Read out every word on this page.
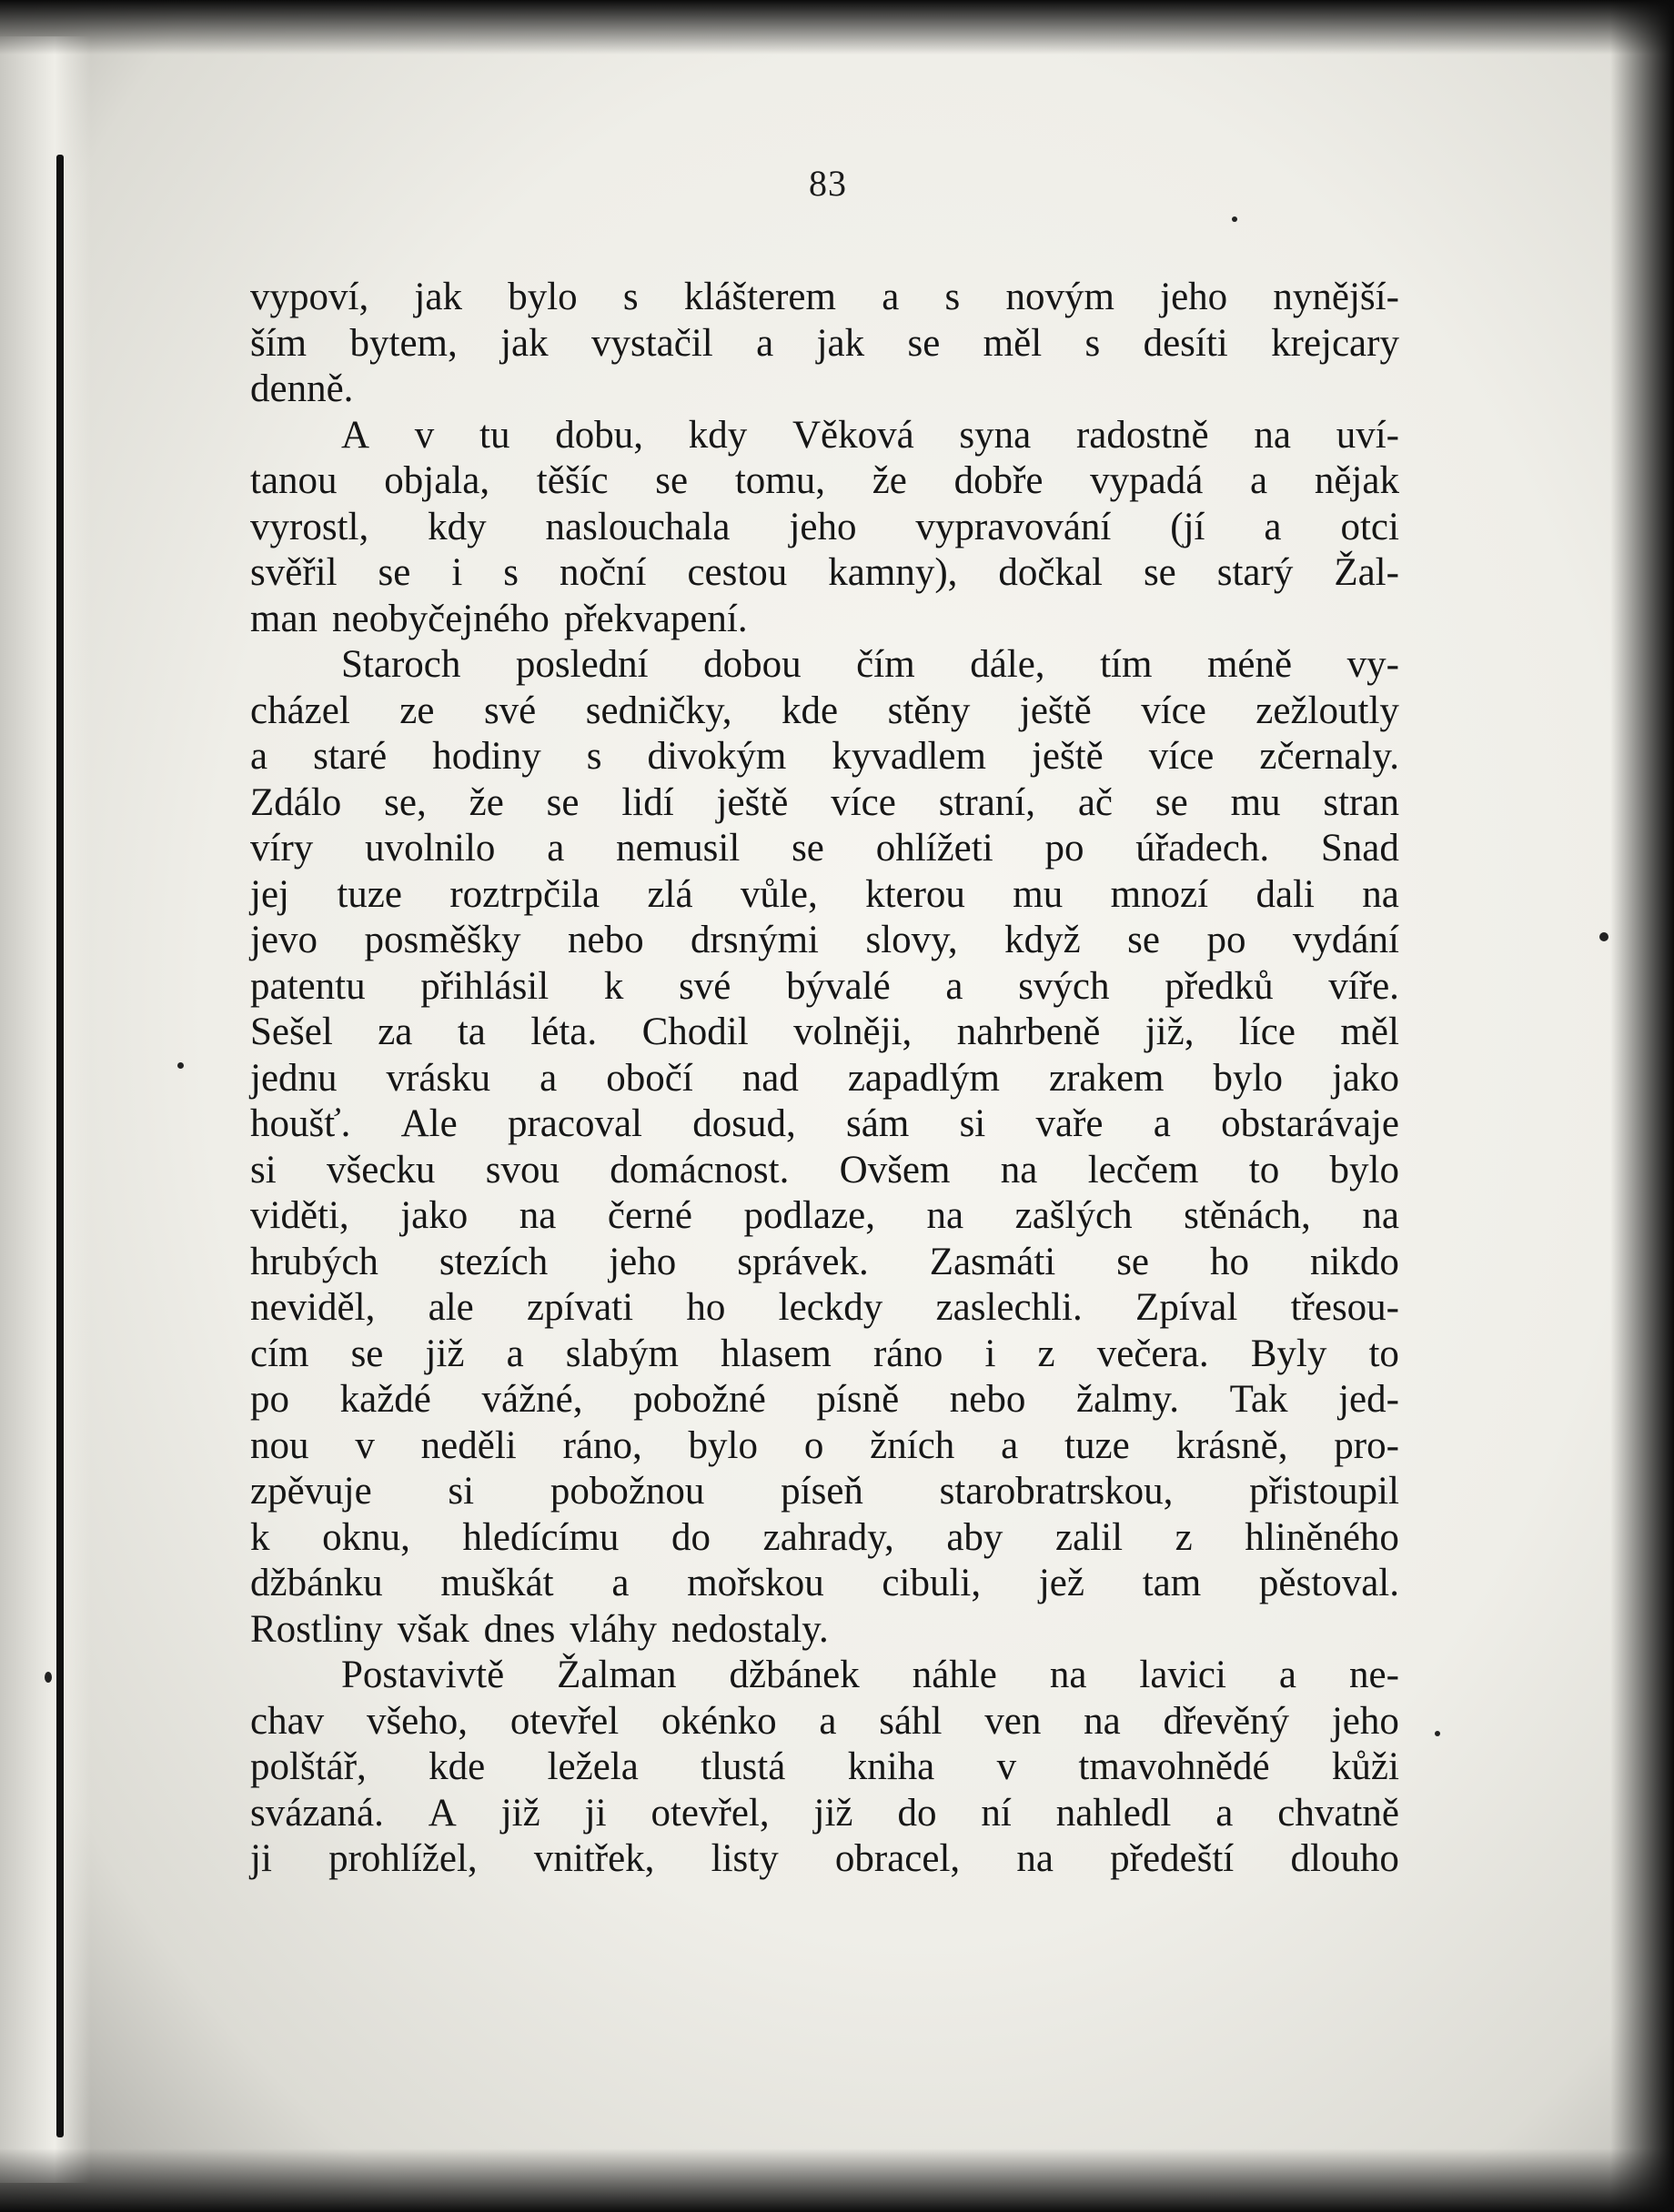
83
vypoví, jak bylo s klášterem a s novým jeho nynější-
ším bytem, jak vystačil a jak se měl s desíti krejcary
denně.
A v tu dobu, kdy Věková syna radostně na uví-
tanou objala, těšíc se tomu, že dobře vypadá a nějak
vyrostl, kdy naslouchala jeho vypravování (jí a otci
svěřil se i s noční cestou kamny), dočkal se starý Žal-
man neobyčejného překvapení.
Staroch poslední dobou čím dále, tím méně vy-
cházel ze své sedničky, kde stěny ještě více zežloutly
a staré hodiny s divokým kyvadlem ještě více zčernaly.
Zdálo se, že se lidí ještě více straní, ač se mu stran
víry uvolnilo a nemusil se ohlížeti po úřadech. Snad
jej tuze roztrpčila zlá vůle, kterou mu mnozí dali na
jevo posměšky nebo drsnými slovy, když se po vydání
patentu přihlásil k své bývalé a svých předků víře.
Sešel za ta léta. Chodil volněji, nahrbeně již, líce měl
jednu vrásku a obočí nad zapadlým zrakem bylo jako
houšť. Ale pracoval dosud, sám si vaře a obstarávaje
si všecku svou domácnost. Ovšem na lecčem to bylo
viděti, jako na černé podlaze, na zašlých stěnách, na
hrubých stezích jeho správek. Zasmáti se ho nikdo
neviděl, ale zpívati ho leckdy zaslechli. Zpíval třesou-
cím se již a slabým hlasem ráno i z večera. Byly to
po každé vážné, pobožné písně nebo žalmy. Tak jed-
nou v neděli ráno, bylo o žních a tuze krásně, pro-
zpěvuje si pobožnou píseň starobratrskou, přistoupil
k oknu, hledícímu do zahrady, aby zalil z hliněného
džbánku muškát a mořskou cibuli, jež tam pěstoval.
Rostliny však dnes vláhy nedostaly.
Postavivtě Žalman džbánek náhle na lavici a ne-
chav všeho, otevřel okénko a sáhl ven na dřevěný jeho
polštář, kde ležela tlustá kniha v tmavohnědé kůži
svázaná. A již ji otevřel, již do ní nahledl a chvatně
ji prohlížel, vnitřek, listy obracel, na předeští dlouho
